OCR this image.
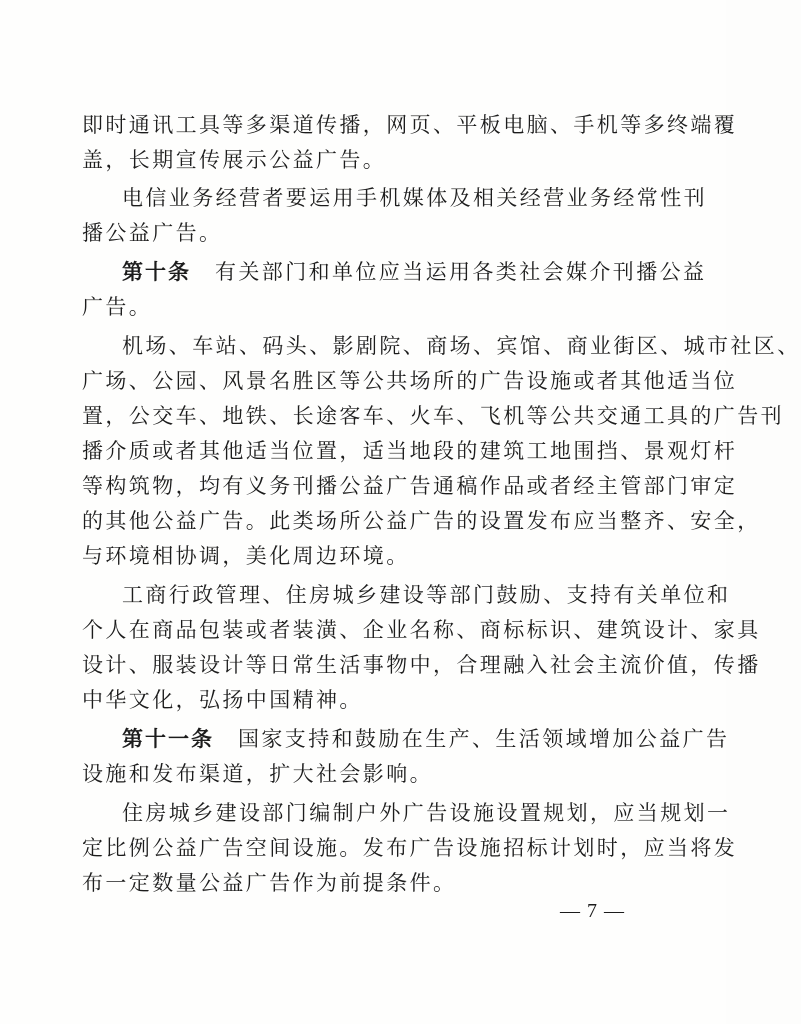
即时通讯工具等多渠道传播，网页、平板电脑、手机等多终端覆
盖，长期宣传展示公益广告。
电信业务经营者要运用手机媒体及相关经营业务经常性刊
播公益广告。
第十条 有关部门和单位应当运用各类社会媒介刊播公益
广告。
机场、车站、码头、影剧院、商场、宾馆、商业街区、城市社区、
广场、公园、风景名胜区等公共场所的广告设施或者其他适当位
置，公交车、地铁、长途客车、火车、飞机等公共交通工具的广告刊
播介质或者其他适当位置，适当地段的建筑工地围挡、景观灯杆
等构筑物，均有义务刊播公益广告通稿作品或者经主管部门审定
的其他公益广告。此类场所公益广告的设置发布应当整齐、安全，
与环境相协调，美化周边环境。
工商行政管理、住房城乡建设等部门鼓励、支持有关单位和
个人在商品包装或者装潢、企业名称、商标标识、建筑设计、家具
设计、服装设计等日常生活事物中，合理融入社会主流价值，传播
中华文化，弘扬中国精神。
第十一条 国家支持和鼓励在生产、生活领域增加公益广告
设施和发布渠道，扩大社会影响。
住房城乡建设部门编制户外广告设施设置规划，应当规划一
定比例公益广告空间设施。发布广告设施招标计划时，应当将发
布一定数量公益广告作为前提条件。
— 7 —
